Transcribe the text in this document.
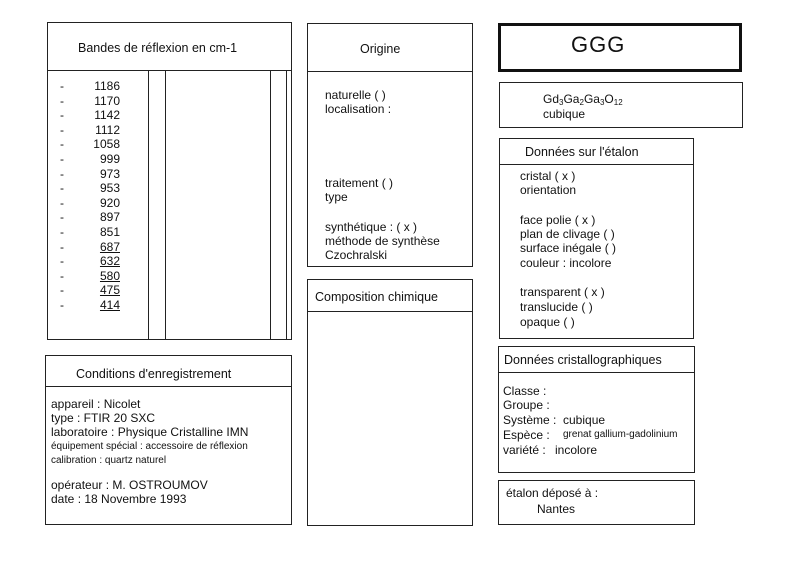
Bandes de réflexion en cm-1
-	1186
-	1170
-	1142
-	1112
- 1058
-	999
-	973
-	953
-	920
-	897
-	851
-	687
-	632
-	580
-	475
-	414
Origine
naturelle ( )
localisation :
traitement ( )
type
synthétique : ( x )
méthode de synthèse
Czochralski
Composition chimique
GGG
$Gd_3Ga_2Ga_3O_{12}$
cubique
Données sur l'étalon
cristal ( x )
orientation
face polie ( x )
plan de clivage ( )
surface inégale ( )
couleur : incolore
transparent ( x )
translucide ( )
opaque ( )
Données cristallographiques
Classe :
Groupe :
Système : cubique
Espèce : grenat gallium-gadolinium
variété : incolore
étalon déposé à :
Nantes
Conditions d'enregistrement
appareil : Nicolet
type : FTIR 20 SXC
laboratoire : Physique Cristalline IMN
équipement spécial : accessoire de réflexion
calibration : quartz naturel
opérateur : M. OSTROUMOV
date : 18 Novembre 1993
